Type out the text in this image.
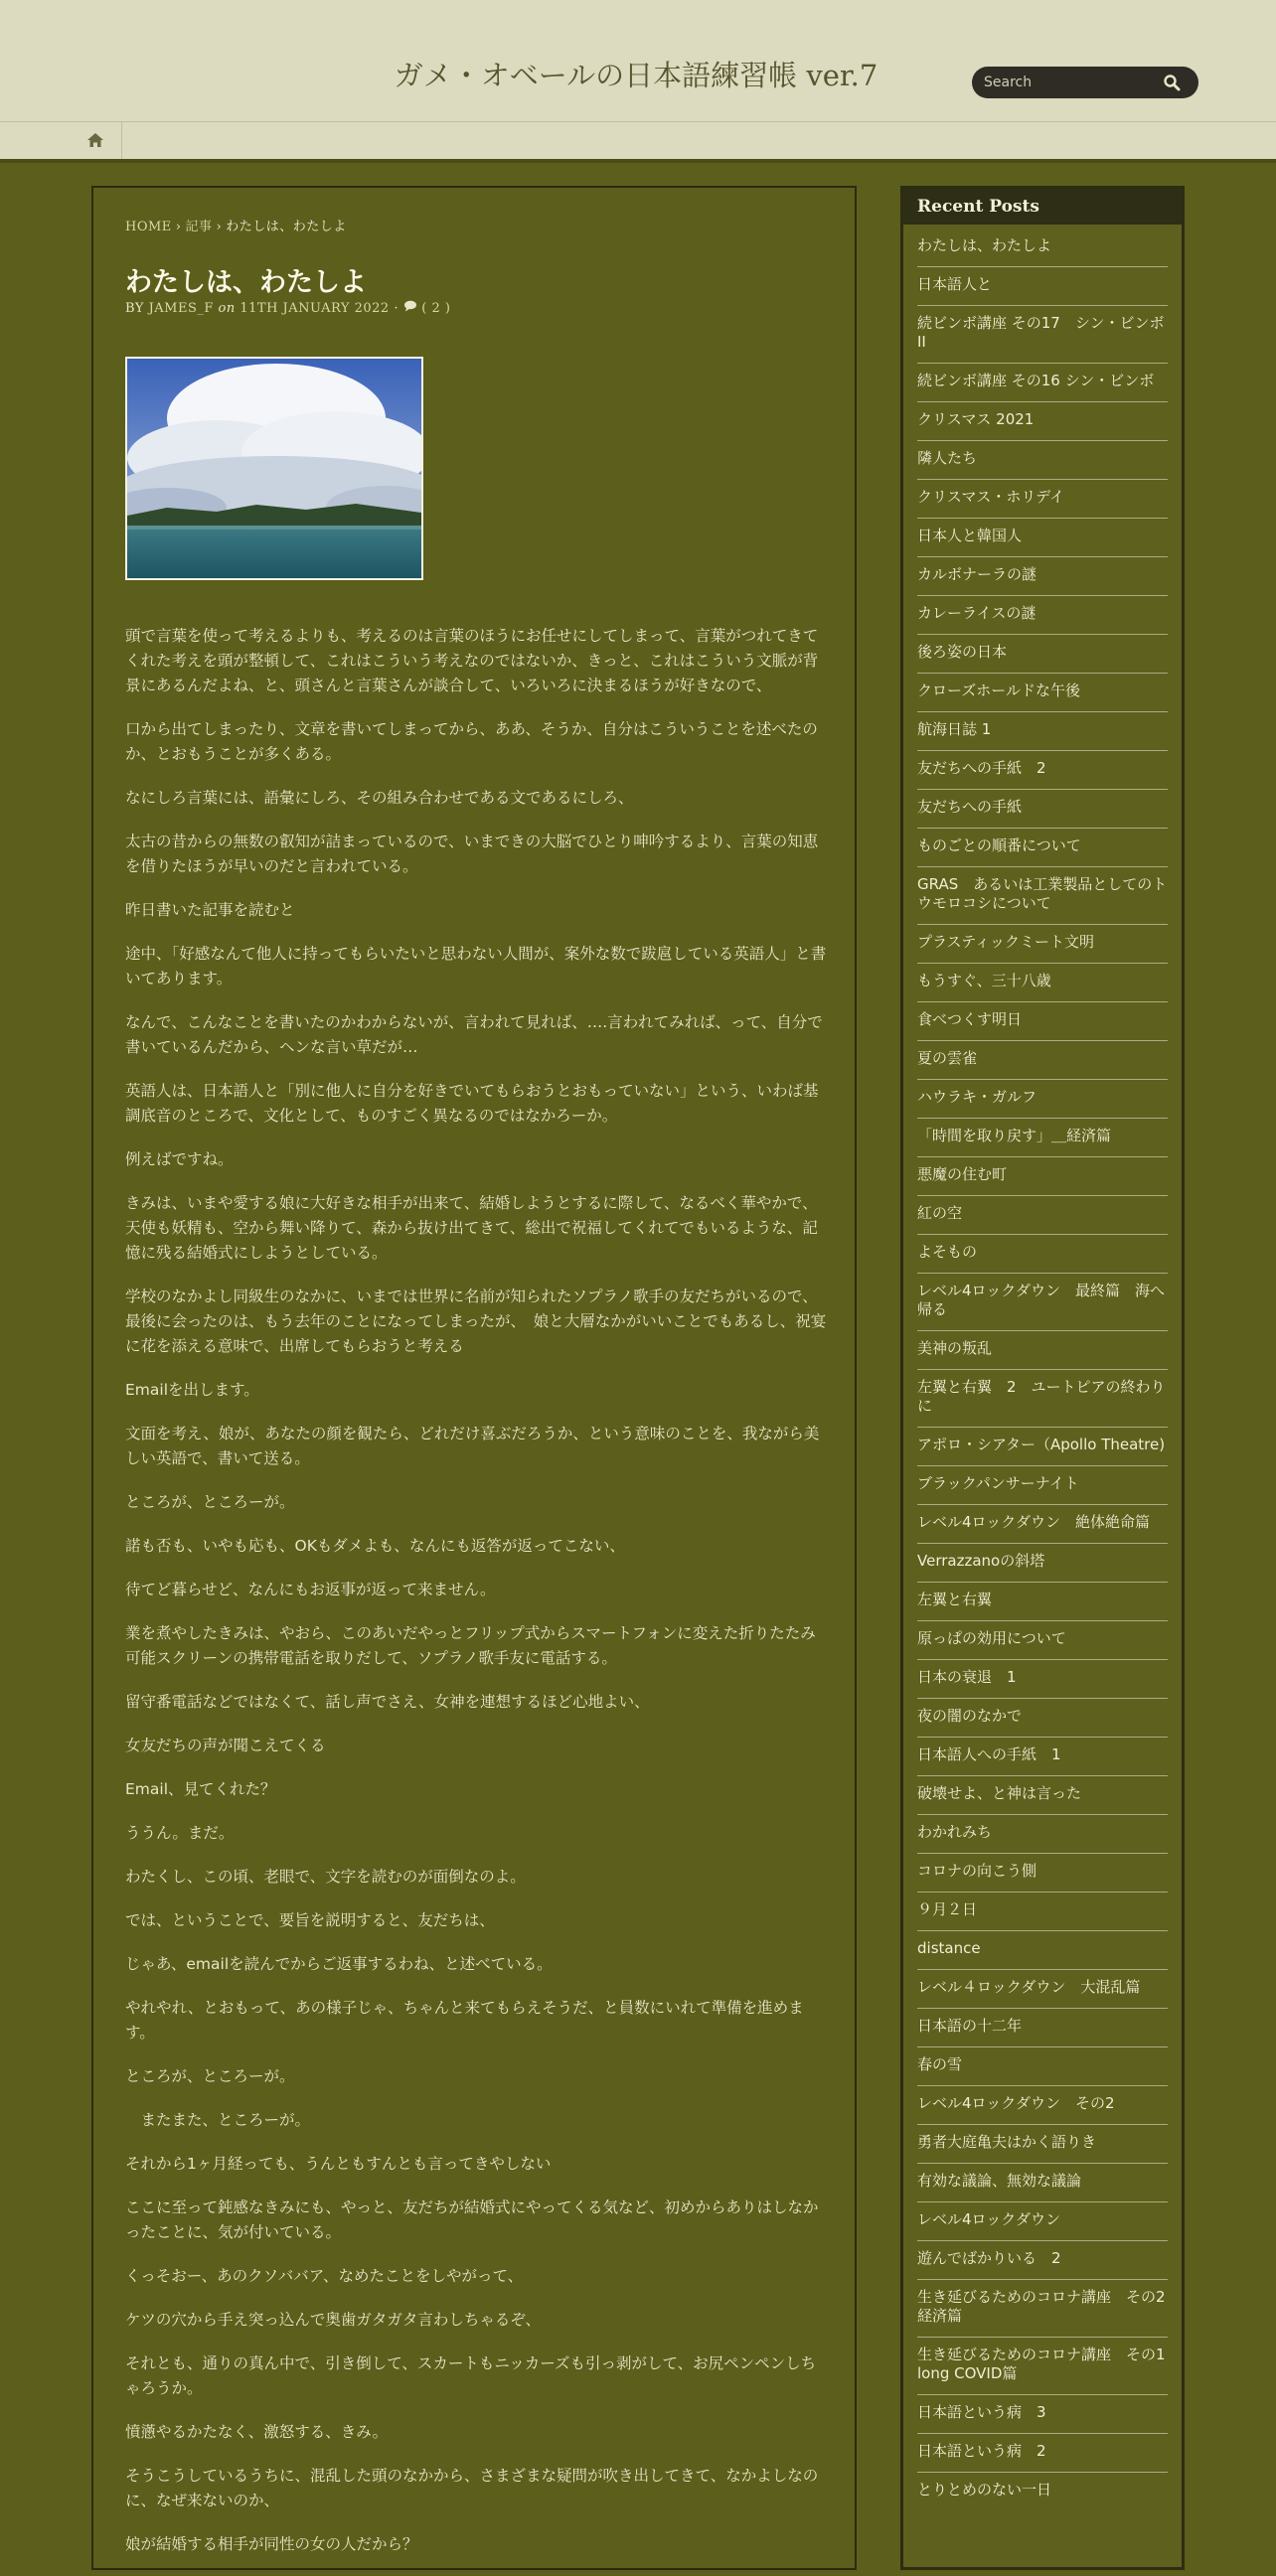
ガメ・オベールの日本語練習帳 ver.7
Search
HOME › 記事 › わたしは、わたしよ
わたしは、わたしよ
BY JAMES_F on 11TH JANUARY 2022 · ( 2 )

頭で言葉を使って考えるよりも、考えるのは言葉のほうにお任せにしてしまって、言葉がつれてきてくれた考えを頭が整頓して、これはこういう考えなのではないか、きっと、これはこういう文脈が背景にあるんだよね、と、頭さんと言葉さんが談合して、いろいろに決まるほうが好きなので、

口から出てしまったり、文章を書いてしまってから、ああ、そうか、自分はこういうことを述べたのか、とおもうことが多くある。

なにしろ言葉には、語彙にしろ、その組み合わせである文であるにしろ、

太古の昔からの無数の叡知が詰まっているので、いまできの大脳でひとり呻吟するより、言葉の知恵を借りたほうが早いのだと言われている。

昨日書いた記事を読むと

途中、「好感なんて他人に持ってもらいたいと思わない人間が、案外な数で跋扈している英語人」と書いてあります。

なんで、こんなことを書いたのかわからないが、言われて見れば、….言われてみれば、って、自分で書いているんだから、ヘンな言い草だが…

英語人は、日本語人と「別に他人に自分を好きでいてもらおうとおもっていない」という、いわば基調底音のところで、文化として、ものすごく異なるのではなかろーか。

例えばですね。

きみは、いまや愛する娘に大好きな相手が出来て、結婚しようとするに際して、なるべく華やかで、天使も妖精も、空から舞い降りて、森から抜け出てきて、総出で祝福してくれてでもいるような、記憶に残る結婚式にしようとしている。

学校のなかよし同級生のなかに、いまでは世界に名前が知られたソプラノ歌手の友だちがいるので、最後に会ったのは、もう去年のことになってしまったが、　娘と大層なかがいいことでもあるし、祝宴に花を添える意味で、出席してもらおうと考える

Emailを出します。

文面を考え、娘が、あなたの顔を観たら、どれだけ喜ぶだろうか、という意味のことを、我ながら美しい英語で、書いて送る。

ところが、ところーが。

諾も否も、いやも応も、OKもダメよも、なんにも返答が返ってこない、

待てど暮らせど、なんにもお返事が返って来ません。

業を煮やしたきみは、やおら、このあいだやっとフリップ式からスマートフォンに変えた折りたたみ可能スクリーンの携帯電話を取りだして、ソプラノ歌手友に電話する。

留守番電話などではなくて、話し声でさえ、女神を連想するほど心地よい、

女友だちの声が聞こえてくる

Email、見てくれた？

ううん。まだ。

わたくし、この頃、老眼で、文字を読むのが面倒なのよ。

では、ということで、要旨を説明すると、友だちは、

じゃあ、emailを読んでからご返事するわね、と述べている。

やれやれ、とおもって、あの様子じゃ、ちゃんと来てもらえそうだ、と員数にいれて準備を進めます。

ところが、ところーが。

　またまた、ところーが。

それから1ヶ月経っても、うんともすんとも言ってきやしない

ここに至って鈍感なきみにも、やっと、友だちが結婚式にやってくる気など、初めからありはしなかったことに、気が付いている。

くっそおー、あのクソババア、なめたことをしやがって、

ケツの穴から手え突っ込んで奥歯ガタガタ言わしちゃるぞ、

それとも、通りの真ん中で、引き倒して、スカートもニッカーズも引っ剥がして、お尻ペンペンしちゃろうか。

憤懣やるかたなく、激怒する、きみ。

そうこうしているうちに、混乱した頭のなかから、さまざまな疑問が吹き出してきて、なかよしなのに、なぜ来ないのか、

娘が結婚する相手が同性の女の人だから？

Recent Posts
わたしは、わたしよ
日本語人と
続ビンボ講座 その17　シン・ビンボ II
続ビンボ講座 その16 シン・ビンボ
クリスマス 2021
隣人たち
クリスマス・ホリデイ
日本人と韓国人
カルボナーラの謎
カレーライスの謎
後ろ姿の日本
クローズホールドな午後
航海日誌 1
友だちへの手紙　2
友だちへの手紙
ものごとの順番について
GRAS　あるいは工業製品としてのトウモロコシについて
プラスティックミート文明
もうすぐ、三十八歳
食べつくす明日
夏の雲雀
ハウラキ・ガルフ
「時間を取り戻す」＿経済篇
悪魔の住む町
紅の空
よそもの
レベル4ロックダウン　最終篇　海へ帰る
美神の叛乱
左翼と右翼　2　ユートピアの終わりに
アポロ・シアター（Apollo Theatre)
ブラックパンサーナイト
レベル4ロックダウン　絶体絶命篇
Verrazzanoの斜塔
左翼と右翼
原っぱの効用について
日本の衰退　1
夜の闇のなかで
日本語人への手紙　1
破壊せよ、と神は言った
わかれみち
コロナの向こう側
９月２日
distance
レベル４ロックダウン　大混乱篇
日本語の十二年
春の雪
レベル4ロックダウン　その2
勇者大庭亀夫はかく語りき
有効な議論、無効な議論
レベル4ロックダウン
遊んでばかりいる　2
生き延びるためのコロナ講座　その2　経済篇
生き延びるためのコロナ講座　その1　long COVID篇
日本語という病　3
日本語という病　2
とりとめのない一日
